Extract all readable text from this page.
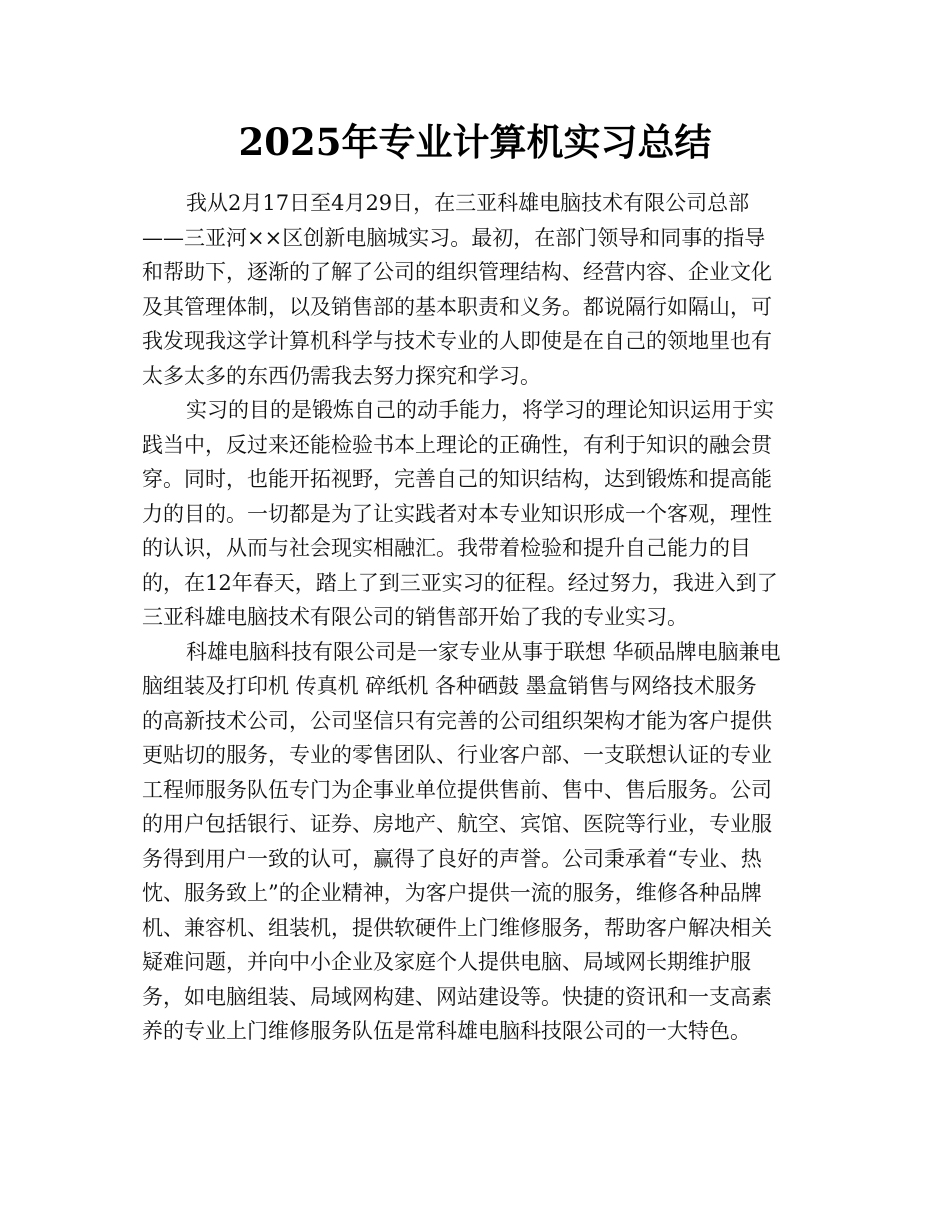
2025年专业计算机实习总结
我从2月17日至4月29日，在三亚科雄电脑技术有限公司总部
——三亚河××区创新电脑城实习。最初，在部门领导和同事的指导
和帮助下，逐渐的了解了公司的组织管理结构、经营内容、企业文化
及其管理体制，以及销售部的基本职责和义务。都说隔行如隔山，可
我发现我这学计算机科学与技术专业的人即使是在自己的领地里也有
太多太多的东西仍需我去努力探究和学习。
实习的目的是锻炼自己的动手能力，将学习的理论知识运用于实
践当中，反过来还能检验书本上理论的正确性，有利于知识的融会贯
穿。同时，也能开拓视野，完善自己的知识结构，达到锻炼和提高能
力的目的。一切都是为了让实践者对本专业知识形成一个客观，理性
的认识，从而与社会现实相融汇。我带着检验和提升自己能力的目
的，在12年春天，踏上了到三亚实习的征程。经过努力，我进入到了
三亚科雄电脑技术有限公司的销售部开始了我的专业实习。
科雄电脑科技有限公司是一家专业从事于联想 华硕品牌电脑兼电
脑组装及打印机 传真机 碎纸机 各种硒鼓 墨盒销售与网络技术服务
的高新技术公司，公司坚信只有完善的公司组织架构才能为客户提供
更贴切的服务，专业的零售团队、行业客户部、一支联想认证的专业
工程师服务队伍专门为企事业单位提供售前、售中、售后服务。公司
的用户包括银行、证券、房地产、航空、宾馆、医院等行业，专业服
务得到用户一致的认可，赢得了良好的声誉。公司秉承着“专业、热
忱、服务致上”的企业精神，为客户提供一流的服务，维修各种品牌
机、兼容机、组装机，提供软硬件上门维修服务，帮助客户解决相关
疑难问题，并向中小企业及家庭个人提供电脑、局域网长期维护服
务，如电脑组装、局域网构建、网站建设等。快捷的资讯和一支高素
养的专业上门维修服务队伍是常科雄电脑科技限公司的一大特色。
